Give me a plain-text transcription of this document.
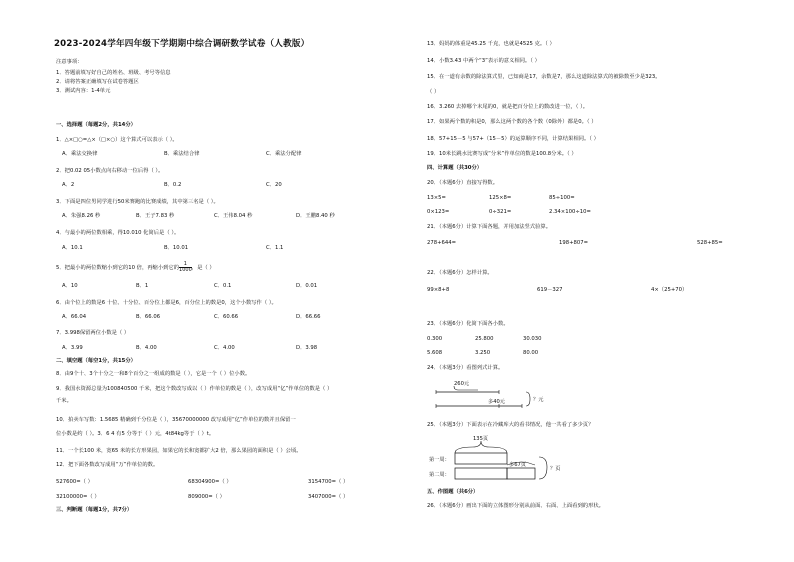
2023-2024学年四年级下学期期中综合调研数学试卷（人教版）
注意事项：
1．答题前填写好自己的姓名、班级、考号等信息
2．请将答案正确填写在试卷答题区
3．测试内容：1-4单元
一、选择题（每题2分，共14分）
1．△×□○=△×（□×○）这个算式可以表示（ ）。
A．乘法交换律	B．乘法结合律	C．乘法分配律
2．把0.02 05小数点向右移动一位后得（ ）。
A．2	B．0.2	C．20
3．下面是四位男同学进行50米赛跑的比赛成绩，其中第三名是（ ）。
A．朱强8.26 秒	B．王子7.83 秒	C．王伟8.04 秒	D．王鹏8.40 秒
4．与最小的两位数相乘，得10.010 化简后是（ ）。
A．10.1	B．10.01	C．1.1
5．把最小的两位数缩小到它的10 倍，再缩小到它的 $\frac{1}{1000}$ ，是（ ）
A．10	B．1	C．0.1	D．0.01
6．由个位上的数是6 十位、十分位、百分位上都是6，百分位上的数是0，这个小数写作（ ）。
A．66.04	B．66.06	C．60.66	D．66.66
7．3.998保留两位小数是（ ）
A．3.99	B．4.00	C．4.00	D．3.98
二、填空题（每空1分，共15分）
8．由9个十、3个十分之一和8个百分之一组成的数是（ ），它是一个（ ）位小数。
9．我国水资源总量为100840500 千米，把这个数改写成以（ ）作单位的数是（ ），改写成用“亿”作单位的数是（ ）
千米。
10．拍卖车写数：1.5685 精确到千分位是（ ），35670000000 改写成用“亿”作单位的数并且保留一
位小数是约（ ）。3．6 4 有5 分等于（ ）元，4t84kg等于（ ）t。
11．一个长100 米，宽65 米的长方形果园，如果它的长和宽都扩大2 倍，那么果园的面积是（ ）公顷。
12．把下面各数改写成用“万”作单位的数。
527600=（ ）	68304900=（ ）	3154700=（ ）
32100000=（ ）	809000=（ ）	3407000=（ ）
三、判断题（每题1分，共7分）
13．妈妈的体重是45.25 千克，也就是4525 克。（ ）
14．小数3.43 中两个“3”表示的意义相同。（ ）
15．在一道有余数的除法算式里，已知商是17，余数是7，那么这道除法算式的被除数至少是323。
（ ）
16．3.260 去掉哪个末尾的0，就是把百分位上的数改进一位，（ ）。
17．如果两个数的积是0，那么这两个数的各个数（0除外）都是0。（ ）
18．57+15－5 与57+（15－5）的运算顺序不同，计算结果相同。（ ）
19．10米长跳水比赛写成“分米”作单位的数是100.8分米。（ ）
四、计算题（共30分）
20．（本题6分）直接写得数。
13×5=	125×8=	85÷100=
0×123=	0÷321=	2.34×100÷10=
21．（本题6分）计算下面各题，并用加法竖式验算。
278+644=	198+807=	528+85=
22．（本题6分）怎样计算。
99×8+8	619－327	4×（25+70）
23．（本题6分）化简下面各小数。
0.300	25.800	30.030
5.608	3.250	80.00
24．（本题3分）看图列式计算。
260元
多40元	？元
25．（本题3分）下面表示在冷藏库大的看书情况，他一共看了多少页？
135页
第一周：
第二周：
多67页
？页
五、作图题（共6分）
26．（本题6分）画出下面的立体图形分别从前面、右面、上面看到的形状。
